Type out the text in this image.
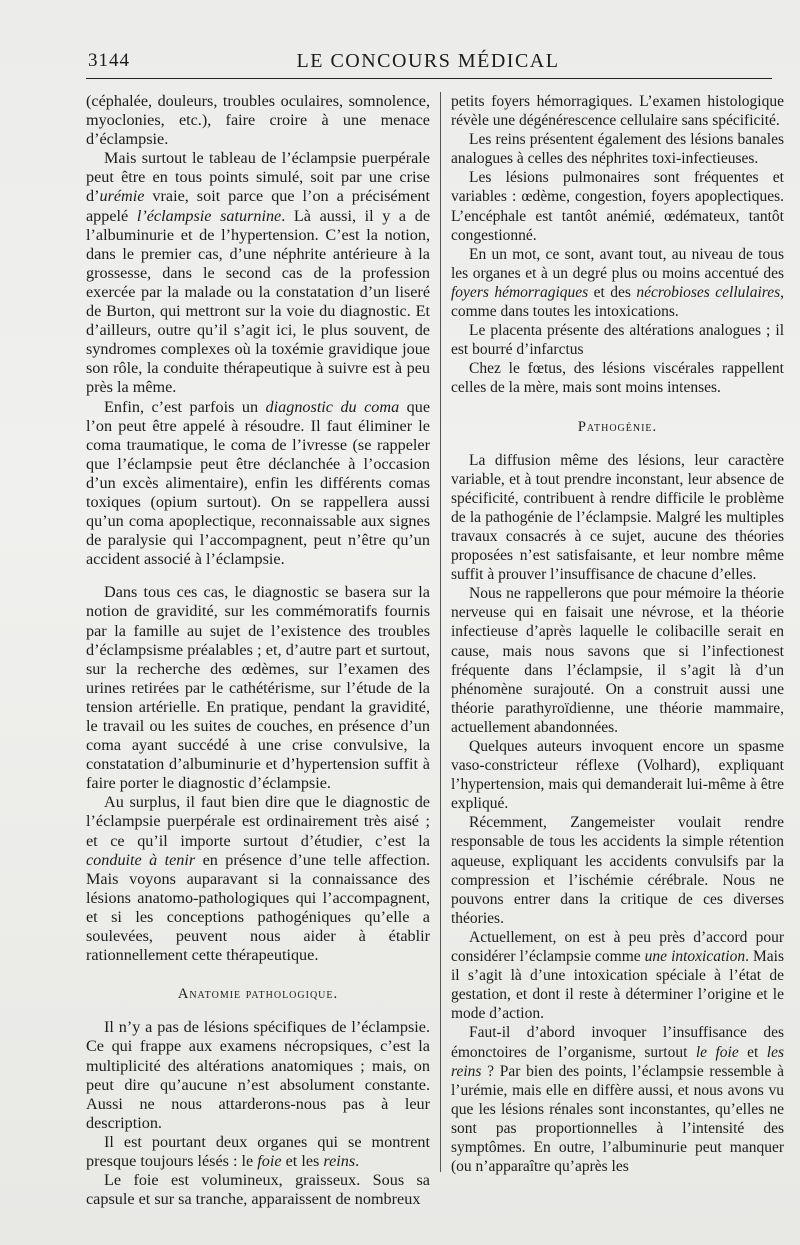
3144	LE CONCOURS MÉDICAL

(céphalée, douleurs, troubles oculaires, somnolence, myoclonies, etc.), faire croire à une menace d’éclampsie.

Mais surtout le tableau de l’éclampsie puerpérale peut être en tous points simulé, soit par une crise d’urémie vraie, soit parce que l’on a précisément appelé l’éclampsie saturnine. Là aussi, il y a de l’albuminurie et de l’hypertension. C’est la notion, dans le premier cas, d’une néphrite antérieure à la grossesse, dans le second cas de la profession exercée par la malade ou la constatation d’un liseré de Burton, qui mettront sur la voie du diagnostic. Et d’ailleurs, outre qu’il s’agit ici, le plus souvent, de syndromes complexes où la toxémie gravidique joue son rôle, la conduite thérapeutique à suivre est à peu près la même.

Enfin, c’est parfois un diagnostic du coma que l’on peut être appelé à résoudre. Il faut éliminer le coma traumatique, le coma de l’ivresse (se rappeler que l’éclampsie peut être déclanchée à l’occasion d’un excès alimentaire), enfin les différents comas toxiques (opium surtout). On se rappellera aussi qu’un coma apoplectique, reconnaissable aux signes de paralysie qui l’accompagnent, peut n’être qu’un accident associé à l’éclampsie.

Dans tous ces cas, le diagnostic se basera sur la notion de gravidité, sur les commémoratifs fournis par la famille au sujet de l’existence des troubles d’éclampsisme préalables ; et, d’autre part et surtout, sur la recherche des œdèmes, sur l’examen des urines retirées par le cathétérisme, sur l’étude de la tension artérielle. En pratique, pendant la gravidité, le travail ou les suites de couches, en présence d’un coma ayant succédé à une crise convulsive, la constatation d’albuminurie et d’hypertension suffit à faire porter le diagnostic d’éclampsie.

Au surplus, il faut bien dire que le diagnostic de l’éclampsie puerpérale est ordinairement très aisé ; et ce qu’il importe surtout d’étudier, c’est la conduite à tenir en présence d’une telle affection. Mais voyons auparavant si la connaissance des lésions anatomo-pathologiques qui l’accompagnent, et si les conceptions pathogéniques qu’elle a soulevées, peuvent nous aider à établir rationnellement cette thérapeutique.

Anatomie pathologique.

Il n’y a pas de lésions spécifiques de l’éclampsie. Ce qui frappe aux examens nécropsiques, c’est la multiplicité des altérations anatomiques ; mais, on peut dire qu’aucune n’est absolument constante. Aussi ne nous attarderons-nous pas à leur description.

Il est pourtant deux organes qui se montrent presque toujours lésés : le foie et les reins.

Le foie est volumineux, graisseux. Sous sa capsule et sur sa tranche, apparaissent de nombreux

petits foyers hémorragiques. L’examen histologique révèle une dégénérescence cellulaire sans spécificité.

Les reins présentent également des lésions banales analogues à celles des néphrites toxi-infectieuses.

Les lésions pulmonaires sont fréquentes et variables : œdème, congestion, foyers apoplectiques. L’encéphale est tantôt anémié, œdémateux, tantôt congestionné.

En un mot, ce sont, avant tout, au niveau de tous les organes et à un degré plus ou moins accentué des foyers hémorragiques et des nécrobioses cellulaires, comme dans toutes les intoxications.

Le placenta présente des altérations analogues ; il est bourré d’infarctus

Chez le fœtus, des lésions viscérales rappellent celles de la mère, mais sont moins intenses.

Pathogénie.

La diffusion même des lésions, leur caractère variable, et à tout prendre inconstant, leur absence de spécificité, contribuent à rendre difficile le problème de la pathogénie de l’éclampsie. Malgré les multiples travaux consacrés à ce sujet, aucune des théories proposées n’est satisfaisante, et leur nombre même suffit à prouver l’insuffisance de chacune d’elles.

Nous ne rappellerons que pour mémoire la théorie nerveuse qui en faisait une névrose, et la théorie infectieuse d’après laquelle le colibacille serait en cause, mais nous savons que si l’infectionest fréquente dans l’éclampsie, il s’agit là d’un phénomène surajouté. On a construit aussi une théorie parathyroïdienne, une théorie mammaire, actuellement abandonnées.

Quelques auteurs invoquent encore un spasme vaso-constricteur réflexe (Volhard), expliquant l’hypertension, mais qui demanderait lui-même à être expliqué.

Récemment, Zangemeister voulait rendre responsable de tous les accidents la simple rétention aqueuse, expliquant les accidents convulsifs par la compression et l’ischémie cérébrale. Nous ne pouvons entrer dans la critique de ces diverses théories.

Actuellement, on est à peu près d’accord pour considérer l’éclampsie comme une intoxication. Mais il s’agit là d’une intoxication spéciale à l’état de gestation, et dont il reste à déterminer l’origine et le mode d’action.

Faut-il d’abord invoquer l’insuffisance des émonctoires de l’organisme, surtout le foie et les reins ? Par bien des points, l’éclampsie ressemble à l’urémie, mais elle en diffère aussi, et nous avons vu que les lésions rénales sont inconstantes, qu’elles ne sont pas proportionnelles à l’intensité des symptômes. En outre, l’albuminurie peut manquer (ou n’apparaître qu’après les
